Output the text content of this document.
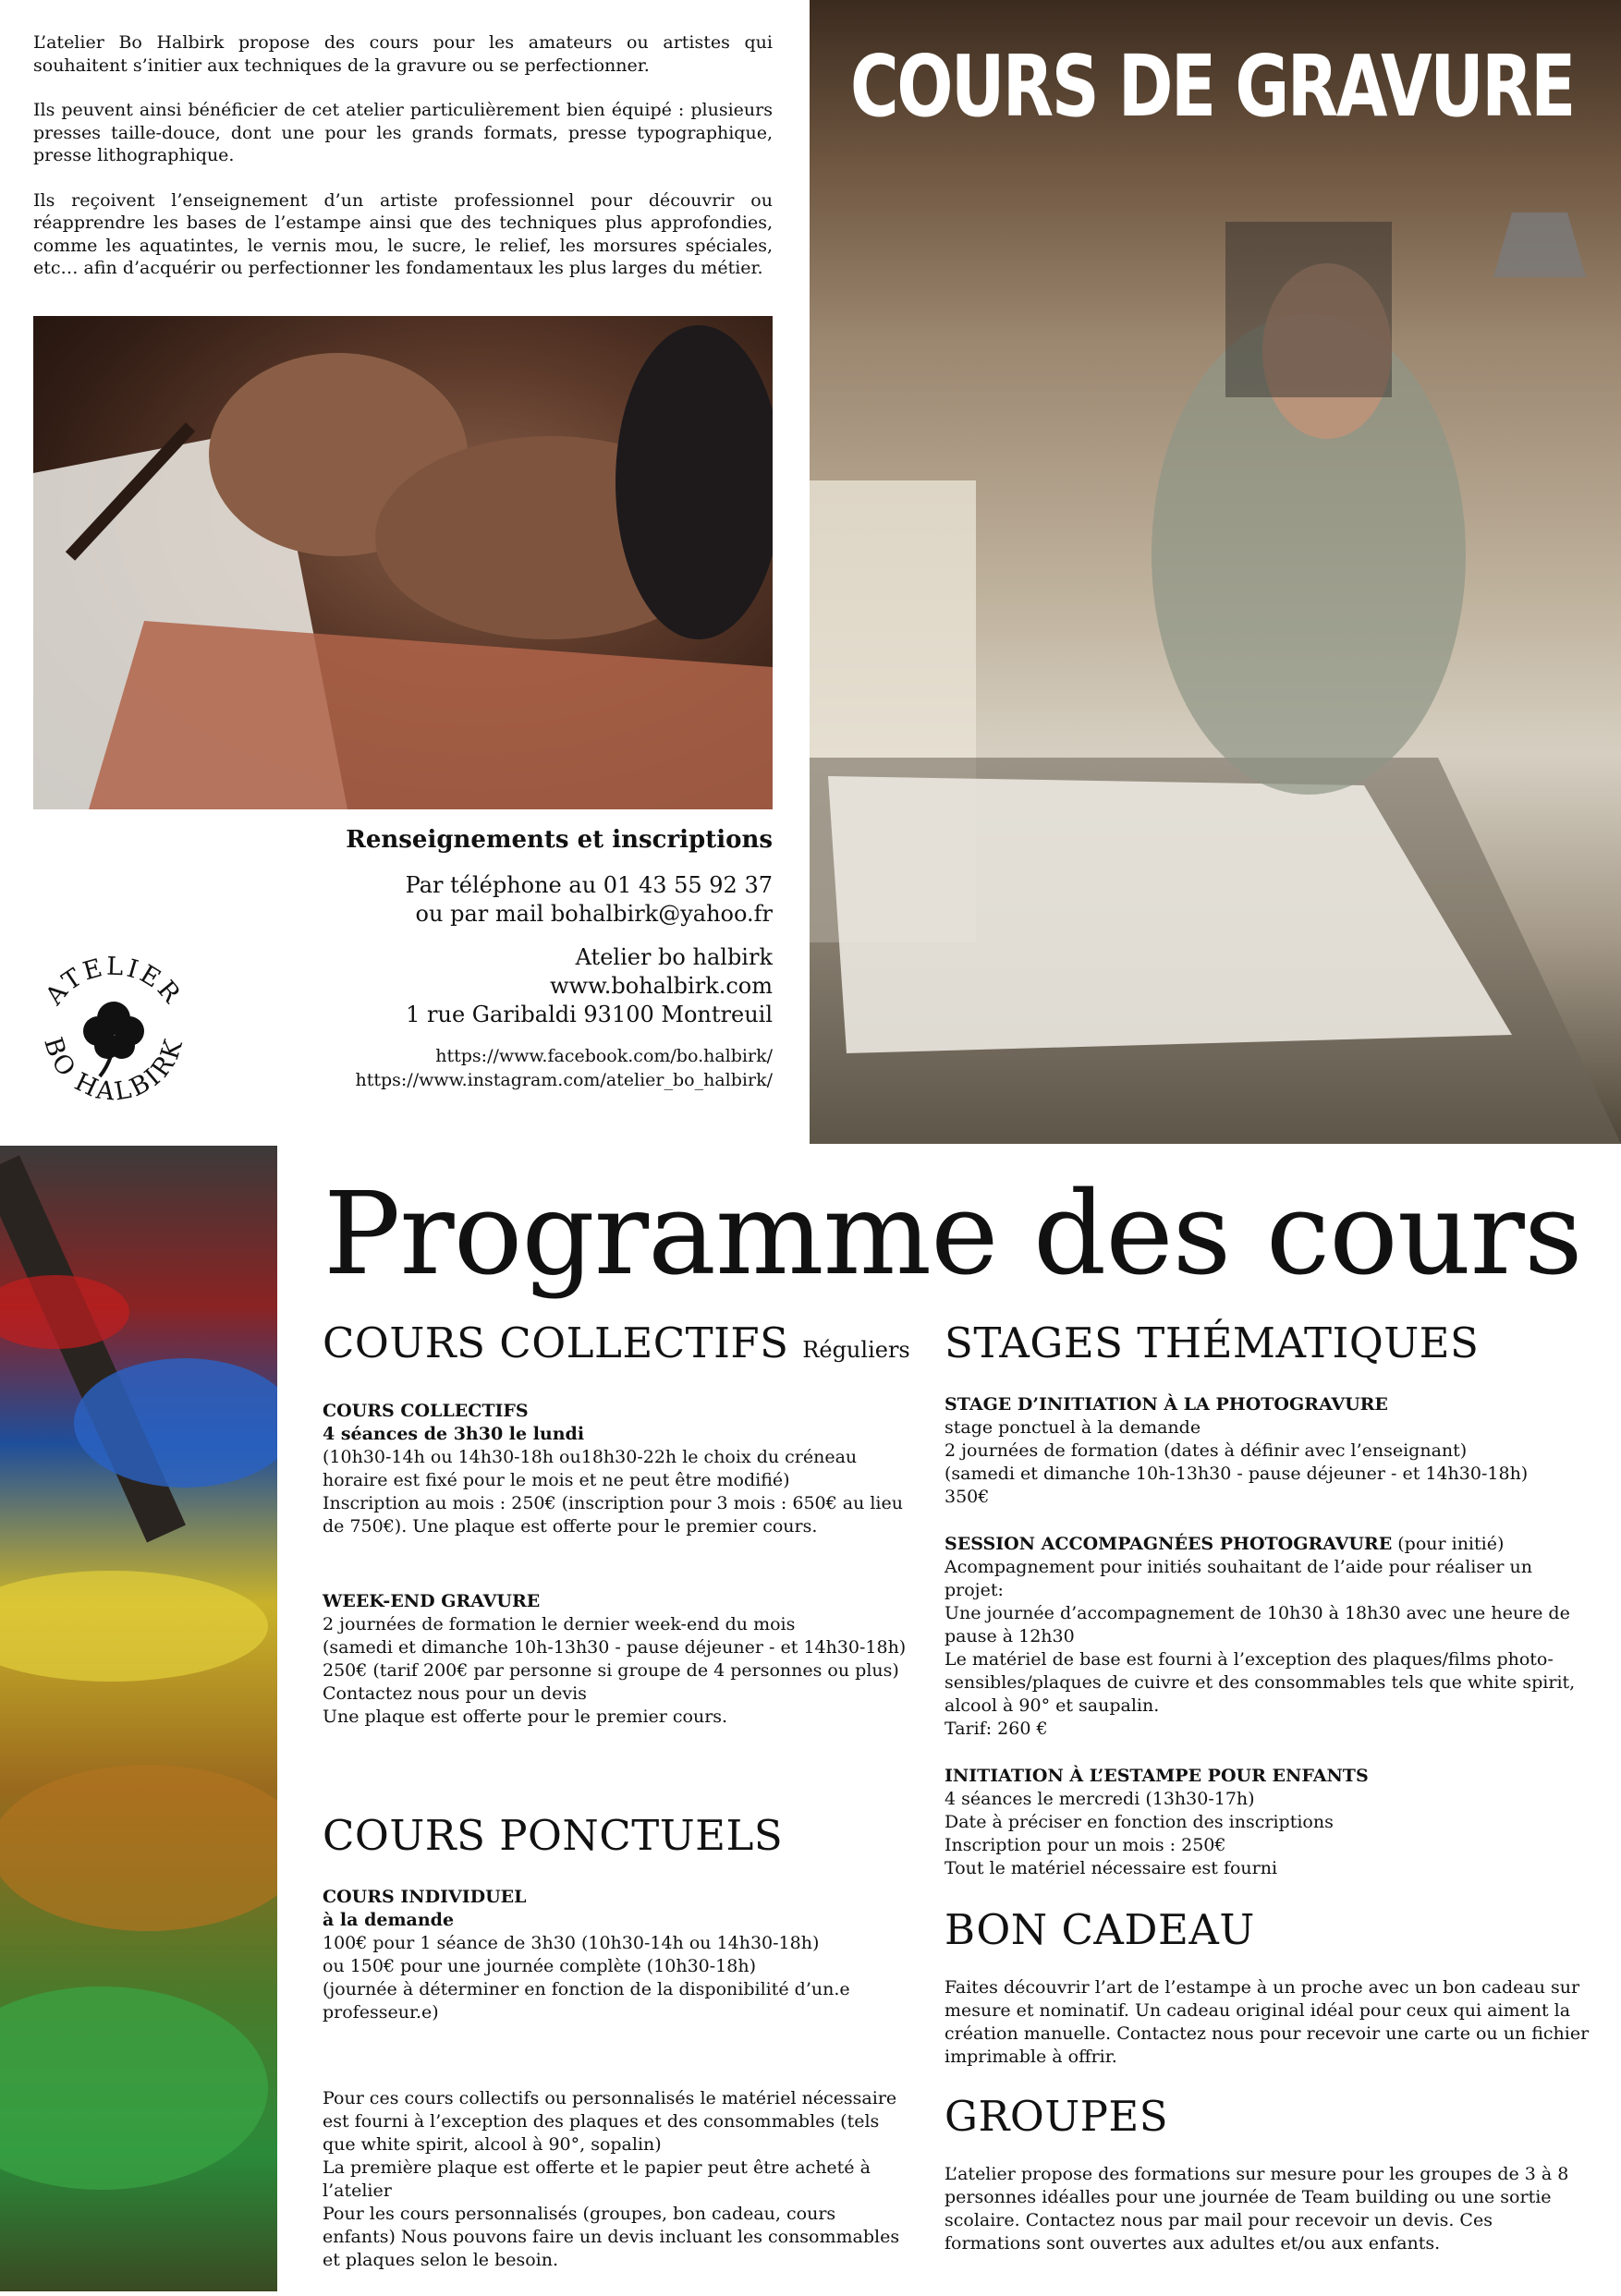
L’atelier Bo Halbirk propose des cours pour les amateurs ou artistes qui souhaitent s’initier aux techniques de la gravure ou se perfectionner.

Ils peuvent ainsi bénéficier de cet atelier particulièrement bien équipé : plusieurs presses taille-douce, dont une pour les grands formats, presse typographique, presse lithographique.

Ils reçoivent l’enseignement d’un artiste professionnel pour découvrir ou réapprendre les bases de l’estampe ainsi que des techniques plus approfondies, comme les aquatintes, le vernis mou, le sucre, le relief, les morsures spéciales, etc… afin d’acquérir ou perfectionner les fondamentaux les plus larges du métier.

COURS DE GRAVURE
Renseignements et inscriptions
Par téléphone au 01 43 55 92 37
ou par mail bohalbirk@yahoo.fr
Atelier bo halbirk
www.bohalbirk.com
1 rue Garibaldi 93100 Montreuil
https://www.facebook.com/bo.halbirk/
https://www.instagram.com/atelier_bo_halbirk/
ATELIER
BO HALBIRK
Programme des cours
COURS COLLECTIFS Réguliers
COURS COLLECTIFS
4 séances de 3h30 le lundi
(10h30-14h ou 14h30-18h ou18h30-22h le choix du créneau horaire est fixé pour le mois et ne peut être modifié)
Inscription au mois : 250€ (inscription pour 3 mois : 650€ au lieu de 750€). Une plaque est offerte pour le premier cours.
WEEK-END GRAVURE
2 journées de formation le dernier week-end du mois
(samedi et dimanche 10h-13h30 - pause déjeuner - et 14h30-18h)
250€ (tarif 200€ par personne si groupe de 4 personnes ou plus)
Contactez nous pour un devis
Une plaque est offerte pour le premier cours.
COURS PONCTUELS
COURS INDIVIDUEL
à la demande
100€ pour 1 séance de 3h30 (10h30-14h ou 14h30-18h)
ou 150€ pour une journée complète (10h30-18h)
(journée à déterminer en fonction de la disponibilité d’un.e professeur.e)
Pour ces cours collectifs ou personnalisés le matériel nécessaire est fourni à l’exception des plaques et des consommables (tels que white spirit, alcool à 90°, sopalin)
La première plaque est offerte et le papier peut être acheté à l’atelier
Pour les cours personnalisés (groupes, bon cadeau, cours enfants) Nous pouvons faire un devis incluant les consommables et plaques selon le besoin.
STAGES THÉMATIQUES
STAGE D’INITIATION À LA PHOTOGRAVURE
stage ponctuel à la demande
2 journées de formation (dates à définir avec l’enseignant)
(samedi et dimanche 10h-13h30 - pause déjeuner - et 14h30-18h)
350€
SESSION ACCOMPAGNÉES PHOTOGRAVURE (pour initié)
Acompagnement pour initiés souhaitant de l’aide pour réaliser un projet:
Une journée d’accompagnement de 10h30 à 18h30 avec une heure de pause à 12h30
Le matériel de base est fourni à l’exception des plaques/films photo-sensibles/plaques de cuivre et des consommables tels que white spirit, alcool à 90° et saupalin.
Tarif: 260 €
INITIATION À L’ESTAMPE POUR ENFANTS
4 séances le mercredi (13h30-17h)
Date à préciser en fonction des inscriptions
Inscription pour un mois : 250€
Tout le matériel nécessaire est fourni
BON CADEAU
Faites découvrir l’art de l’estampe à un proche avec un bon cadeau sur mesure et nominatif. Un cadeau original idéal pour ceux qui aiment la création manuelle. Contactez nous pour recevoir une carte ou un fichier imprimable à offrir.
GROUPES
L’atelier propose des formations sur mesure pour les groupes de 3 à 8 personnes idéalles pour une journée de Team building ou une sortie scolaire. Contactez nous par mail pour recevoir un devis. Ces formations sont ouvertes aux adultes et/ou aux enfants.
